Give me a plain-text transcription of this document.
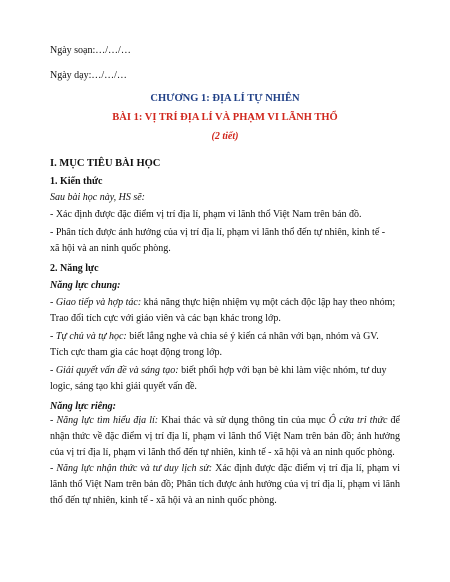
Ngày soạn:…/…/…
Ngày dạy:…/…/…
CHƯƠNG 1: ĐỊA LÍ TỰ NHIÊN
BÀI 1: VỊ TRÍ ĐỊA LÍ VÀ PHẠM VI LÃNH THỔ
(2 tiết)
I. MỤC TIÊU BÀI HỌC
1. Kiến thức
Sau bài học này, HS sẽ:
- Xác định được đặc điểm vị trí địa lí, phạm vi lãnh thổ Việt Nam trên bản đồ.
- Phân tích được ảnh hưởng của vị trí địa lí, phạm vi lãnh thổ đến tự nhiên, kinh tế -
xã hội và an ninh quốc phòng.
2. Năng lực
Năng lực chung:
- Giao tiếp và hợp tác: khả năng thực hiện nhiệm vụ một cách độc lập hay theo nhóm;
Trao đổi tích cực với giáo viên và các bạn khác trong lớp.
- Tự chủ và tự học: biết lắng nghe và chia sẻ ý kiến cá nhân với bạn, nhóm và GV.
Tích cực tham gia các hoạt động trong lớp.
- Giải quyết vấn đề và sáng tạo: biết phối hợp với bạn bè khi làm việc nhóm, tư duy
logic, sáng tạo khi giải quyết vấn đề.
Năng lực riêng:
- Năng lực tìm hiểu địa lí: Khai thác và sử dụng thông tin của mục Ô cửa tri thức để nhận thức về đặc điểm vị trí địa lí, phạm vi lãnh thổ Việt Nam trên bản đồ; ảnh hưởng của vị trí địa lí, phạm vi lãnh thổ đến tự nhiên, kinh tế - xã hội và an ninh quốc phòng.
- Năng lực nhận thức và tư duy lịch sử: Xác định được đặc điểm vị trí địa lí, phạm vi lãnh thổ Việt Nam trên bản đồ; Phân tích được ảnh hưởng của vị trí địa lí, phạm vi lãnh thổ đến tự nhiên, kinh tế - xã hội và an ninh quốc phòng.
